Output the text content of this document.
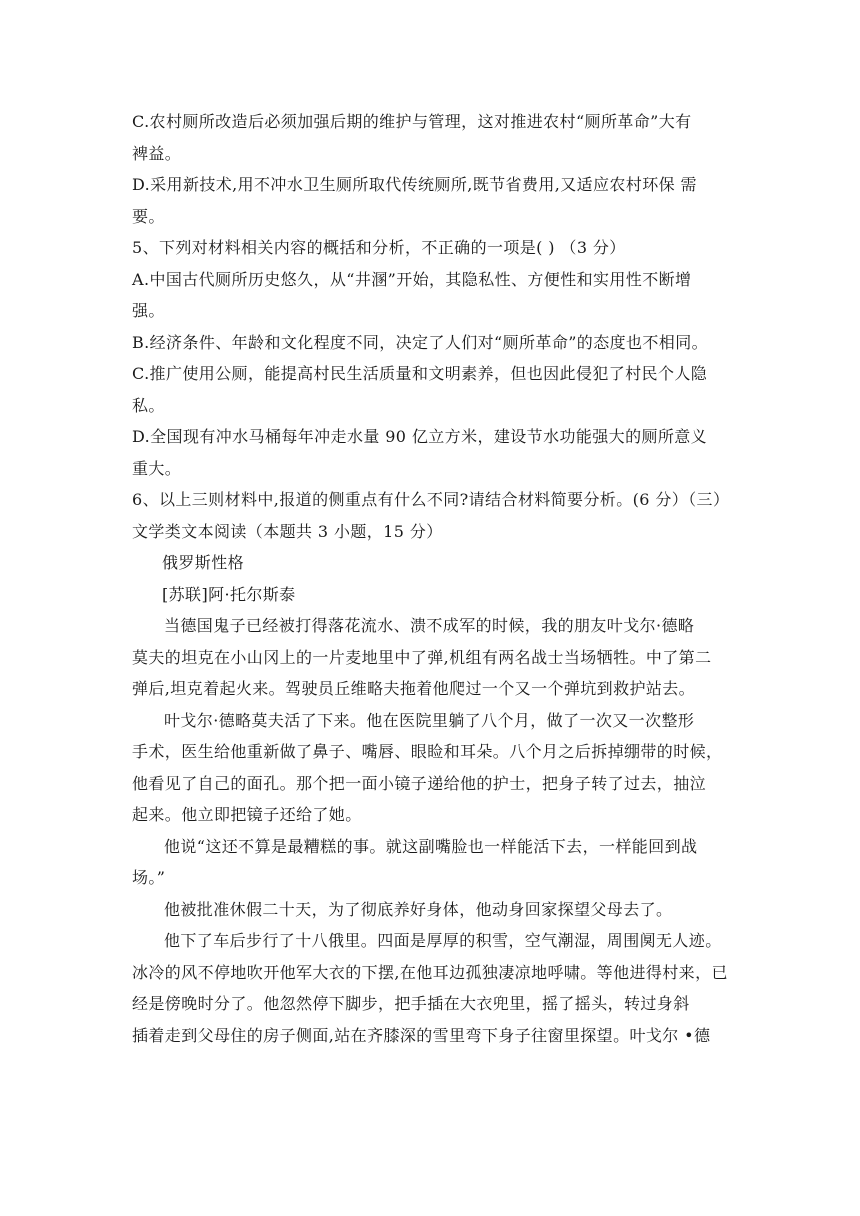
C.农村厕所改造后必须加强后期的维护与管理，这对推进农村“厕所革命”大有
裨益。
D.采用新技术,用不冲水卫生厕所取代传统厕所,既节省费用,又适应农村环保 需
要。
5、下列对材料相关内容的概括和分析，不正确的一项是( ) （3 分）
A.中国古代厕所历史悠久，从“井溷”开始，其隐私性、方便性和实用性不断增
强。
B.经济条件、年龄和文化程度不同，决定了人们对“厕所革命”的态度也不相同。
C.推广使用公厕，能提高村民生活质量和文明素养，但也因此侵犯了村民个人隐
私。
D.全国现有冲水马桶每年冲走水量 90 亿立方米，建设节水功能强大的厕所意义
重大。
6、以上三则材料中,报道的侧重点有什么不同?请结合材料简要分析。(6 分）（三）
文学类文本阅读（本题共 3 小题，15 分）
俄罗斯性格
[苏联]阿·托尔斯泰
当德国鬼子已经被打得落花流水、溃不成军的时候，我的朋友叶戈尔·德略
莫夫的坦克在小山冈上的一片麦地里中了弹,机组有两名战士当场牺牲。中了第二
弹后,坦克着起火来。驾驶员丘维略夫拖着他爬过一个又一个弹坑到救护站去。
叶戈尔·德略莫夫活了下来。他在医院里躺了八个月，做了一次又一次整形
手术，医生给他重新做了鼻子、嘴唇、眼睑和耳朵。八个月之后拆掉绷带的时候，
他看见了自己的面孔。那个把一面小镜子递给他的护士，把身子转了过去，抽泣
起来。他立即把镜子还给了她。
他说“这还不算是最糟糕的事。就这副嘴脸也一样能活下去，一样能回到战
场。”
他被批准休假二十天，为了彻底养好身体，他动身回家探望父母去了。
他下了车后步行了十八俄里。四面是厚厚的积雪，空气潮湿，周围阒无人迹。
冰冷的风不停地吹开他军大衣的下摆,在他耳边孤独凄凉地呼啸。等他进得村来，已
经是傍晚时分了。他忽然停下脚步，把手插在大衣兜里，摇了摇头，转过身斜
插着走到父母住的房子侧面,站在齐膝深的雪里弯下身子往窗里探望。叶戈尔 •德
